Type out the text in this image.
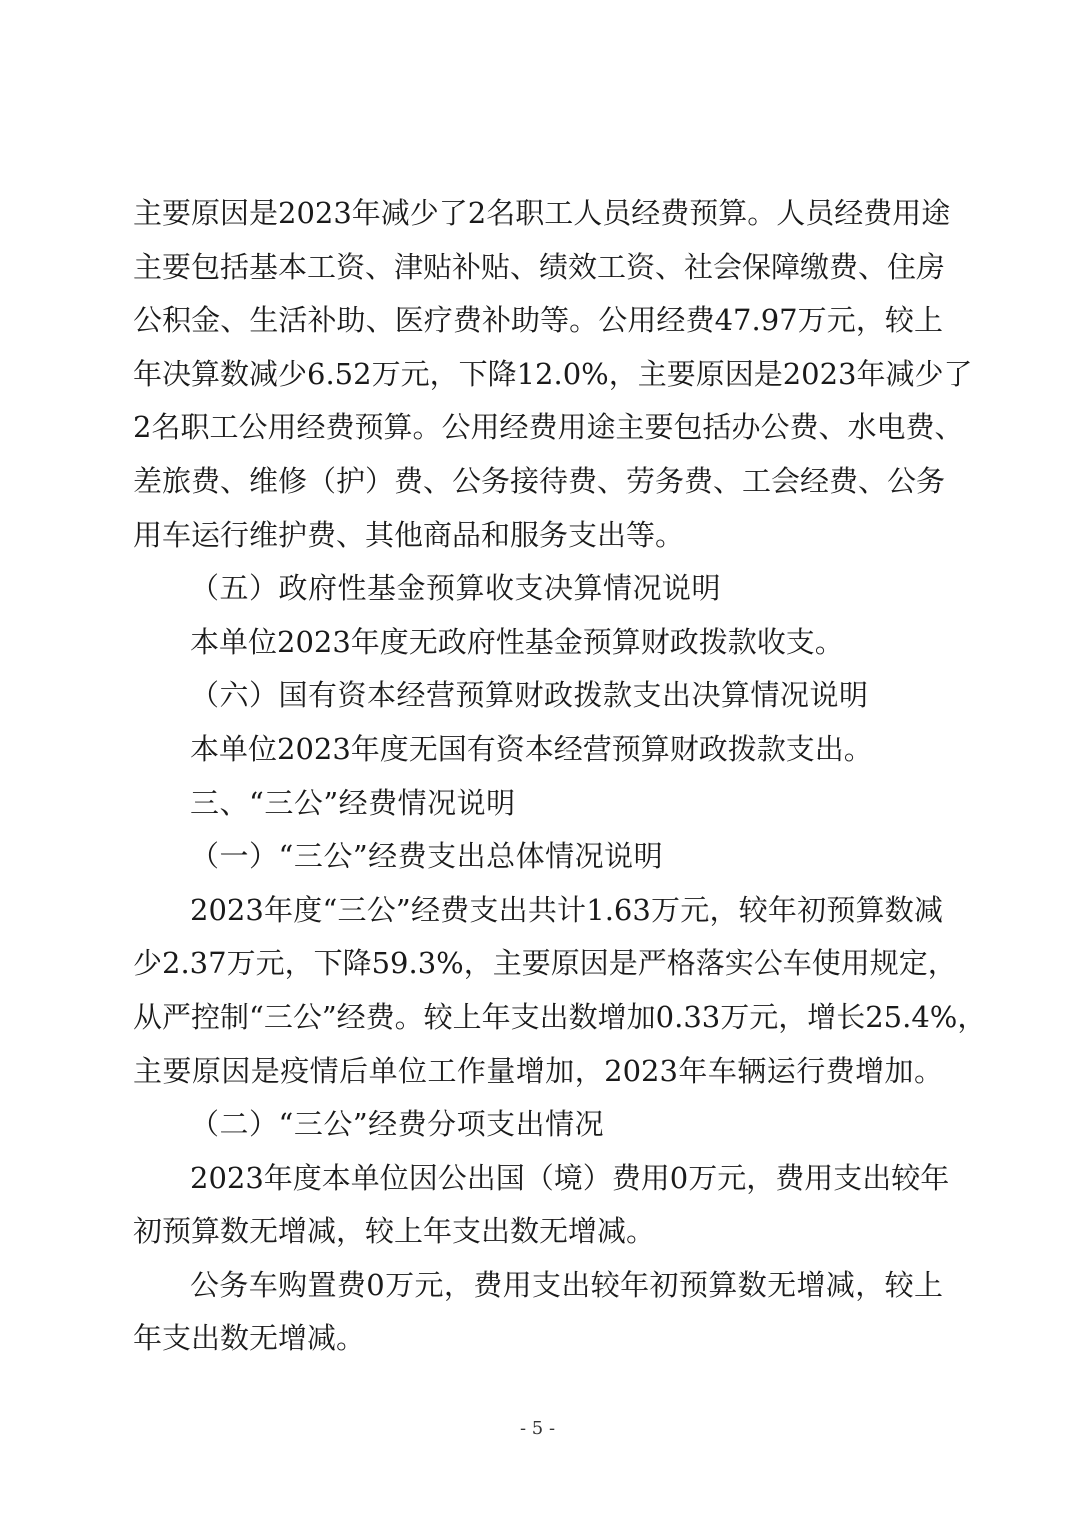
主要原因是2023年减少了2名职工人员经费预算。人员经费用途
主要包括基本工资、津贴补贴、绩效工资、社会保障缴费、住房
公积金、生活补助、医疗费补助等。公用经费47.97万元，较上
年决算数减少6.52万元，下降12.0%，主要原因是2023年减少了
2名职工公用经费预算。公用经费用途主要包括办公费、水电费、
差旅费、维修（护）费、公务接待费、劳务费、工会经费、公务
用车运行维护费、其他商品和服务支出等。
（五）政府性基金预算收支决算情况说明
本单位2023年度无政府性基金预算财政拨款收支。
（六）国有资本经营预算财政拨款支出决算情况说明
本单位2023年度无国有资本经营预算财政拨款支出。
三、“三公”经费情况说明
（一）“三公”经费支出总体情况说明
2023年度“三公”经费支出共计1.63万元，较年初预算数减
少2.37万元，下降59.3%，主要原因是严格落实公车使用规定，
从严控制“三公”经费。较上年支出数增加0.33万元，增长25.4%，
主要原因是疫情后单位工作量增加，2023年车辆运行费增加。
（二）“三公”经费分项支出情况
2023年度本单位因公出国（境）费用0万元，费用支出较年
初预算数无增减，较上年支出数无增减。
公务车购置费0万元，费用支出较年初预算数无增减，较上
年支出数无增减。
- 5 -
